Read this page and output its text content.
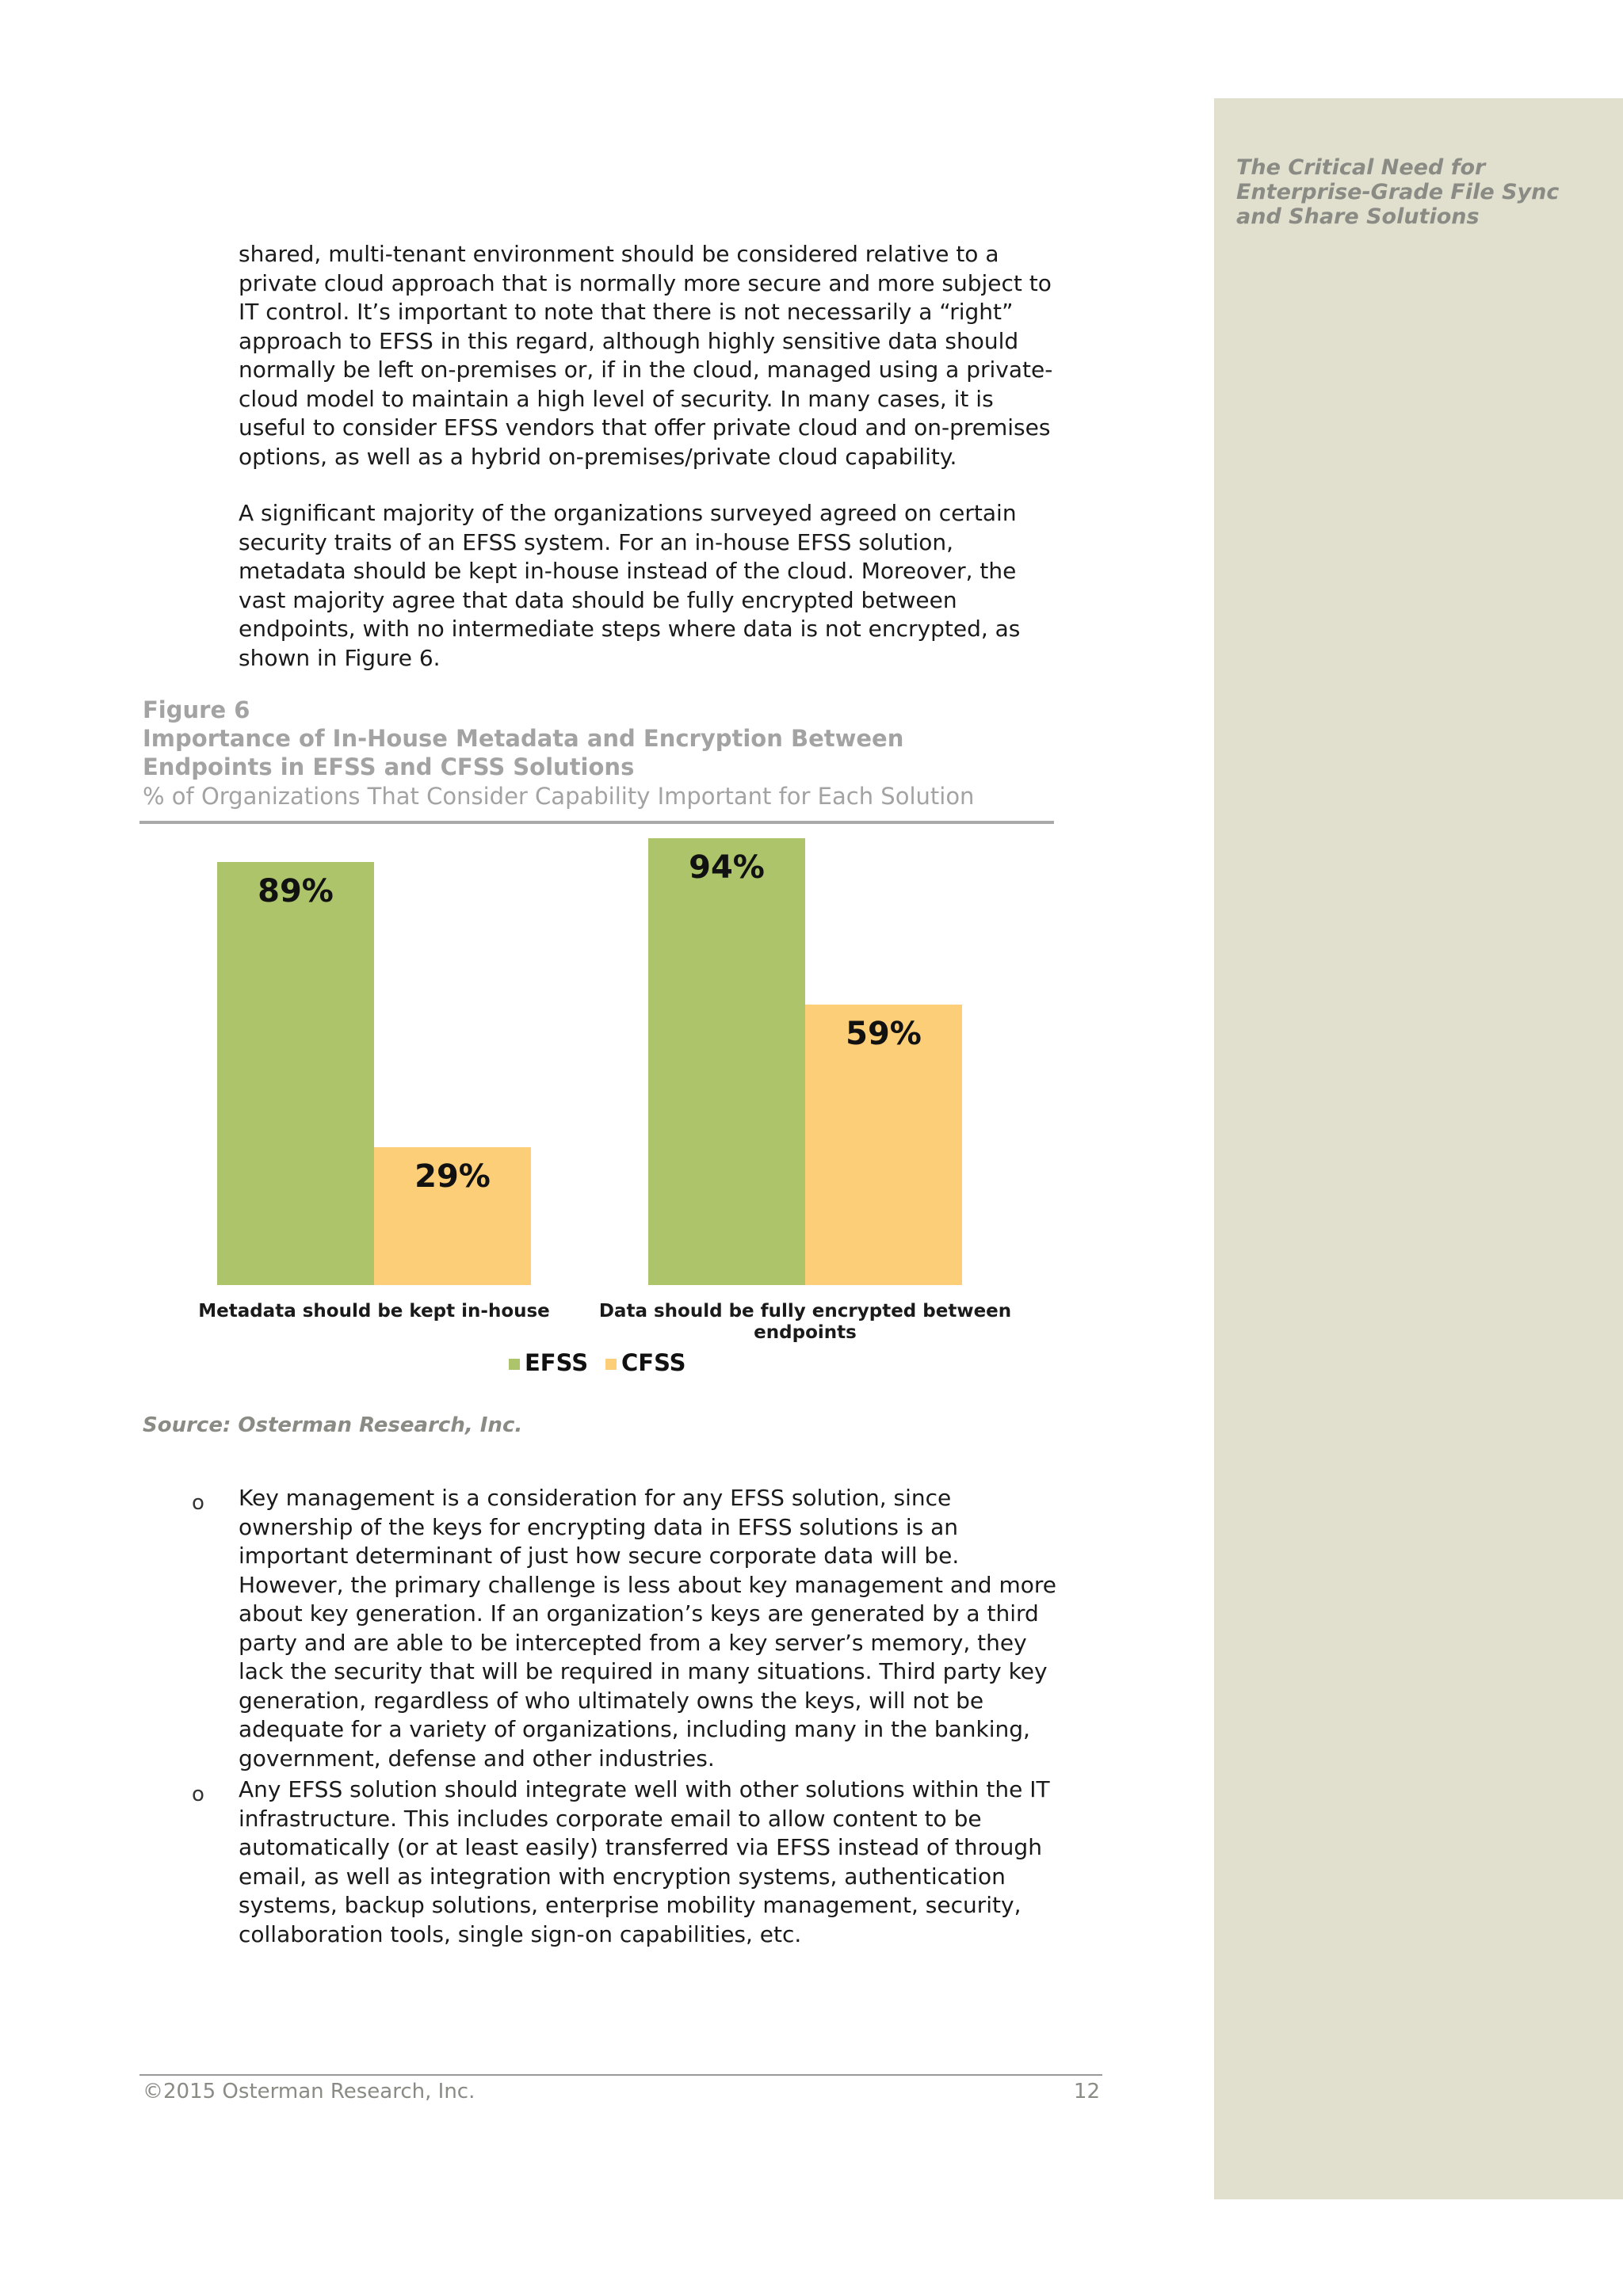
The Critical Need for Enterprise-Grade File Sync and Share Solutions

shared, multi-tenant environment should be considered relative to a private cloud approach that is normally more secure and more subject to IT control. It’s important to note that there is not necessarily a “right” approach to EFSS in this regard, although highly sensitive data should normally be left on-premises or, if in the cloud, managed using a private-cloud model to maintain a high level of security. In many cases, it is useful to consider EFSS vendors that offer private cloud and on-premises options, as well as a hybrid on-premises/private cloud capability.

A significant majority of the organizations surveyed agreed on certain security traits of an EFSS system. For an in-house EFSS solution, metadata should be kept in-house instead of the cloud. Moreover, the vast majority agree that data should be fully encrypted between endpoints, with no intermediate steps where data is not encrypted, as shown in Figure 6.

Figure 6
Importance of In-House Metadata and Encryption Between Endpoints in EFSS and CFSS Solutions
% of Organizations That Consider Capability Important for Each Solution
89%
29%
Metadata should be kept in-house
94%
59%
Data should be fully encrypted between endpoints
EFSS CFSS
Source: Osterman Research, Inc.
o Key management is a consideration for any EFSS solution, since ownership of the keys for encrypting data in EFSS solutions is an important determinant of just how secure corporate data will be. However, the primary challenge is less about key management and more about key generation. If an organization’s keys are generated by a third party and are able to be intercepted from a key server’s memory, they lack the security that will be required in many situations. Third party key generation, regardless of who ultimately owns the keys, will not be adequate for a variety of organizations, including many in the banking, government, defense and other industries.

o Any EFSS solution should integrate well with other solutions within the IT infrastructure. This includes corporate email to allow content to be automatically (or at least easily) transferred via EFSS instead of through email, as well as integration with encryption systems, authentication systems, backup solutions, enterprise mobility management, security, collaboration tools, single sign-on capabilities, etc.

©2015 Osterman Research, Inc.	12
